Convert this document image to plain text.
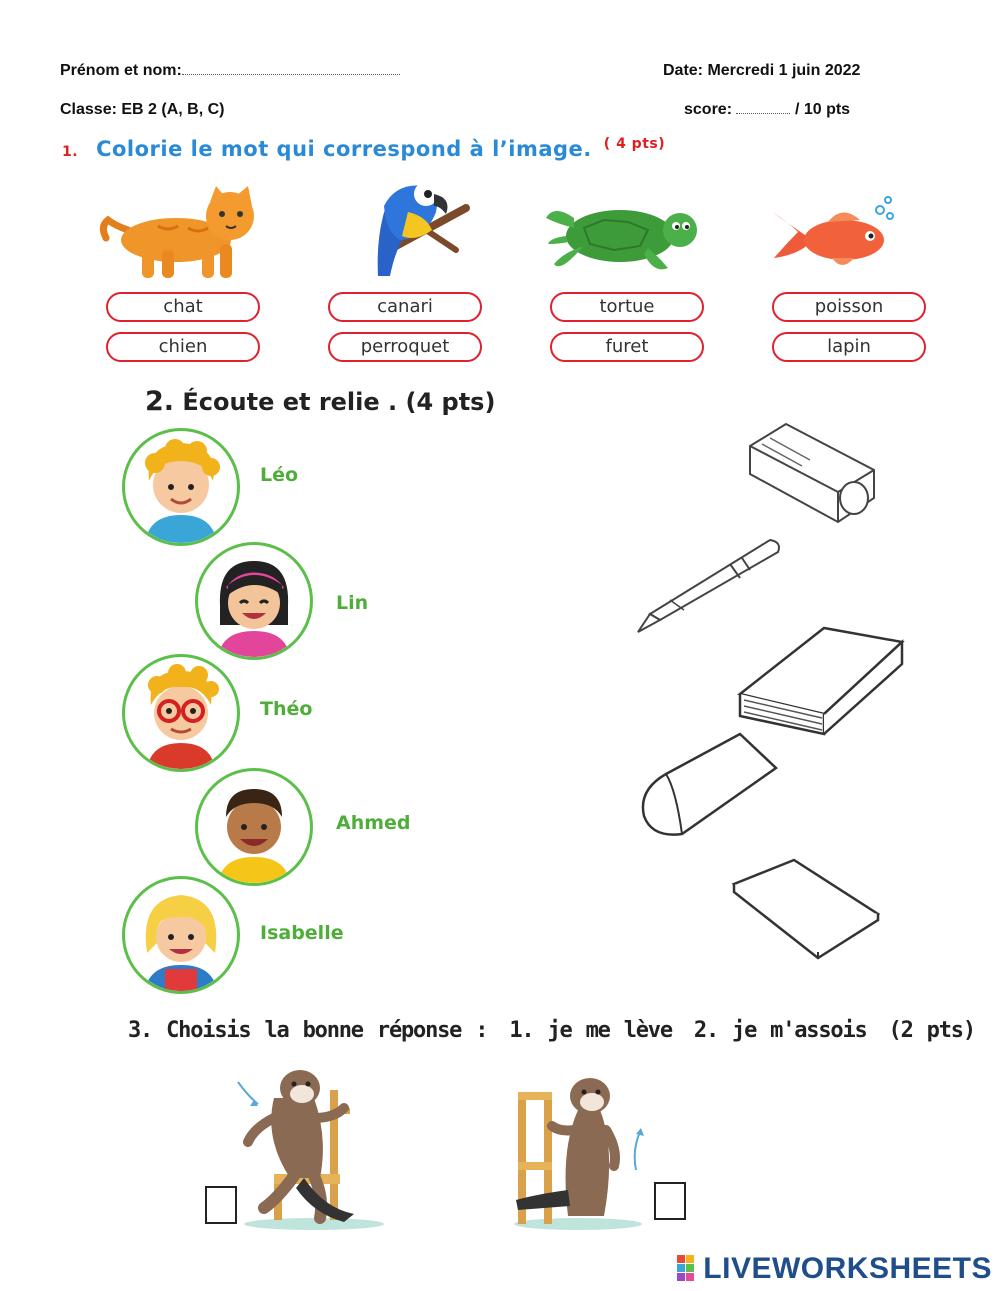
Prénom et nom:	Date: Mercredi 1 juin 2022
Classe: EB 2 (A, B, C)	score:	/ 10 pts
1. Colorie le mot qui correspond à l’image. $^{( 4 pts)}$
chat
chien
canari
perroquet
tortue
furet
poisson
lapin
2. Écoute et relie . (4 pts)
Léo
Lin
Théo
Ahmed
Isabelle
3. Choisis la bonne réponse : 1. je me lève 2. je m'assois (2 pts)
LIVEWORKSHEETS
